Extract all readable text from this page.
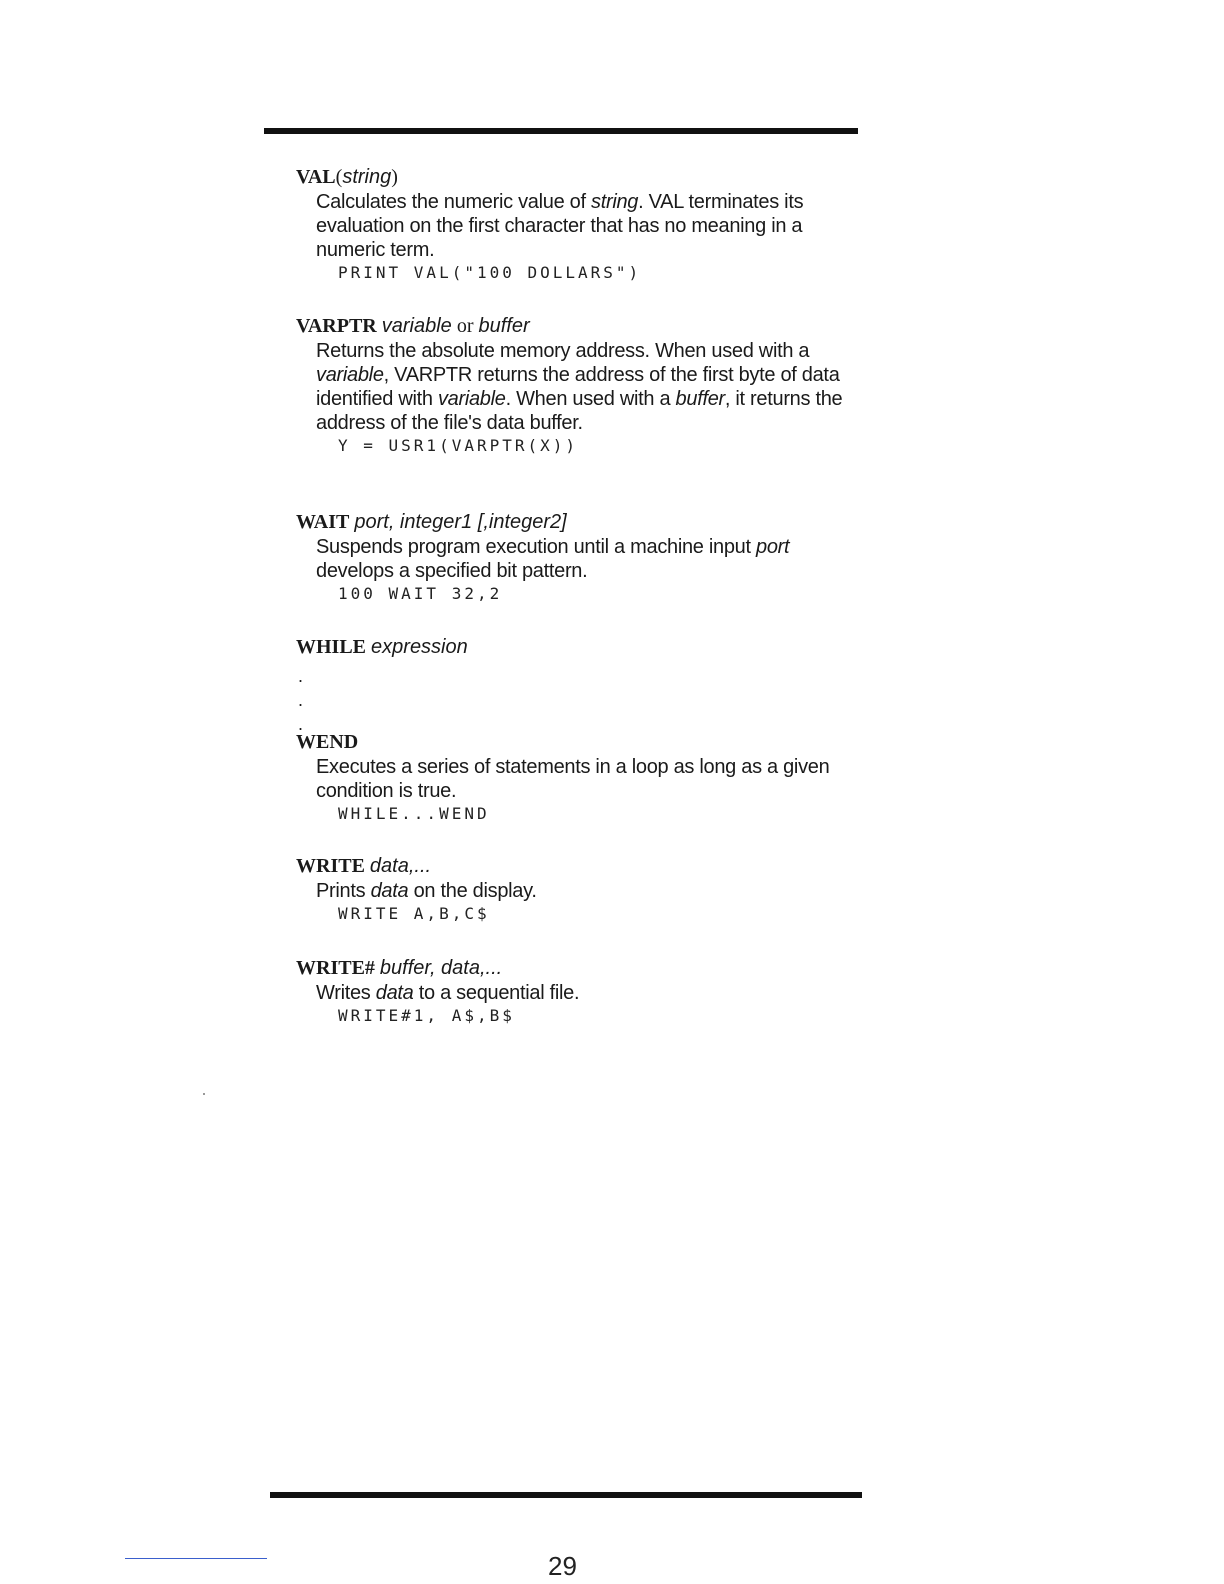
VAL(string)

Calculates the numeric value of string. VAL terminates its evaluation on the first character that has no meaning in a numeric term.

PRINT VAL("100 DOLLARS")

VARPTR variable or buffer

Returns the absolute memory address. When used with a variable, VARPTR returns the address of the first byte of data identified with variable. When used with a buffer, it returns the address of the file's data buffer.

Y = USR1(VARPTR(X))

WAIT port, integer1 [,integer2]

Suspends program execution until a machine input port develops a specified bit pattern.

100 WAIT 32,2

WHILE expression

.
.
.

WEND

Executes a series of statements in a loop as long as a given condition is true.

WHILE...WEND

WRITE data,...

Prints data on the display.

WRITE A,B,C$

WRITE# buffer, data,...

Writes data to a sequential file.

WRITE#1, A$,B$
29
